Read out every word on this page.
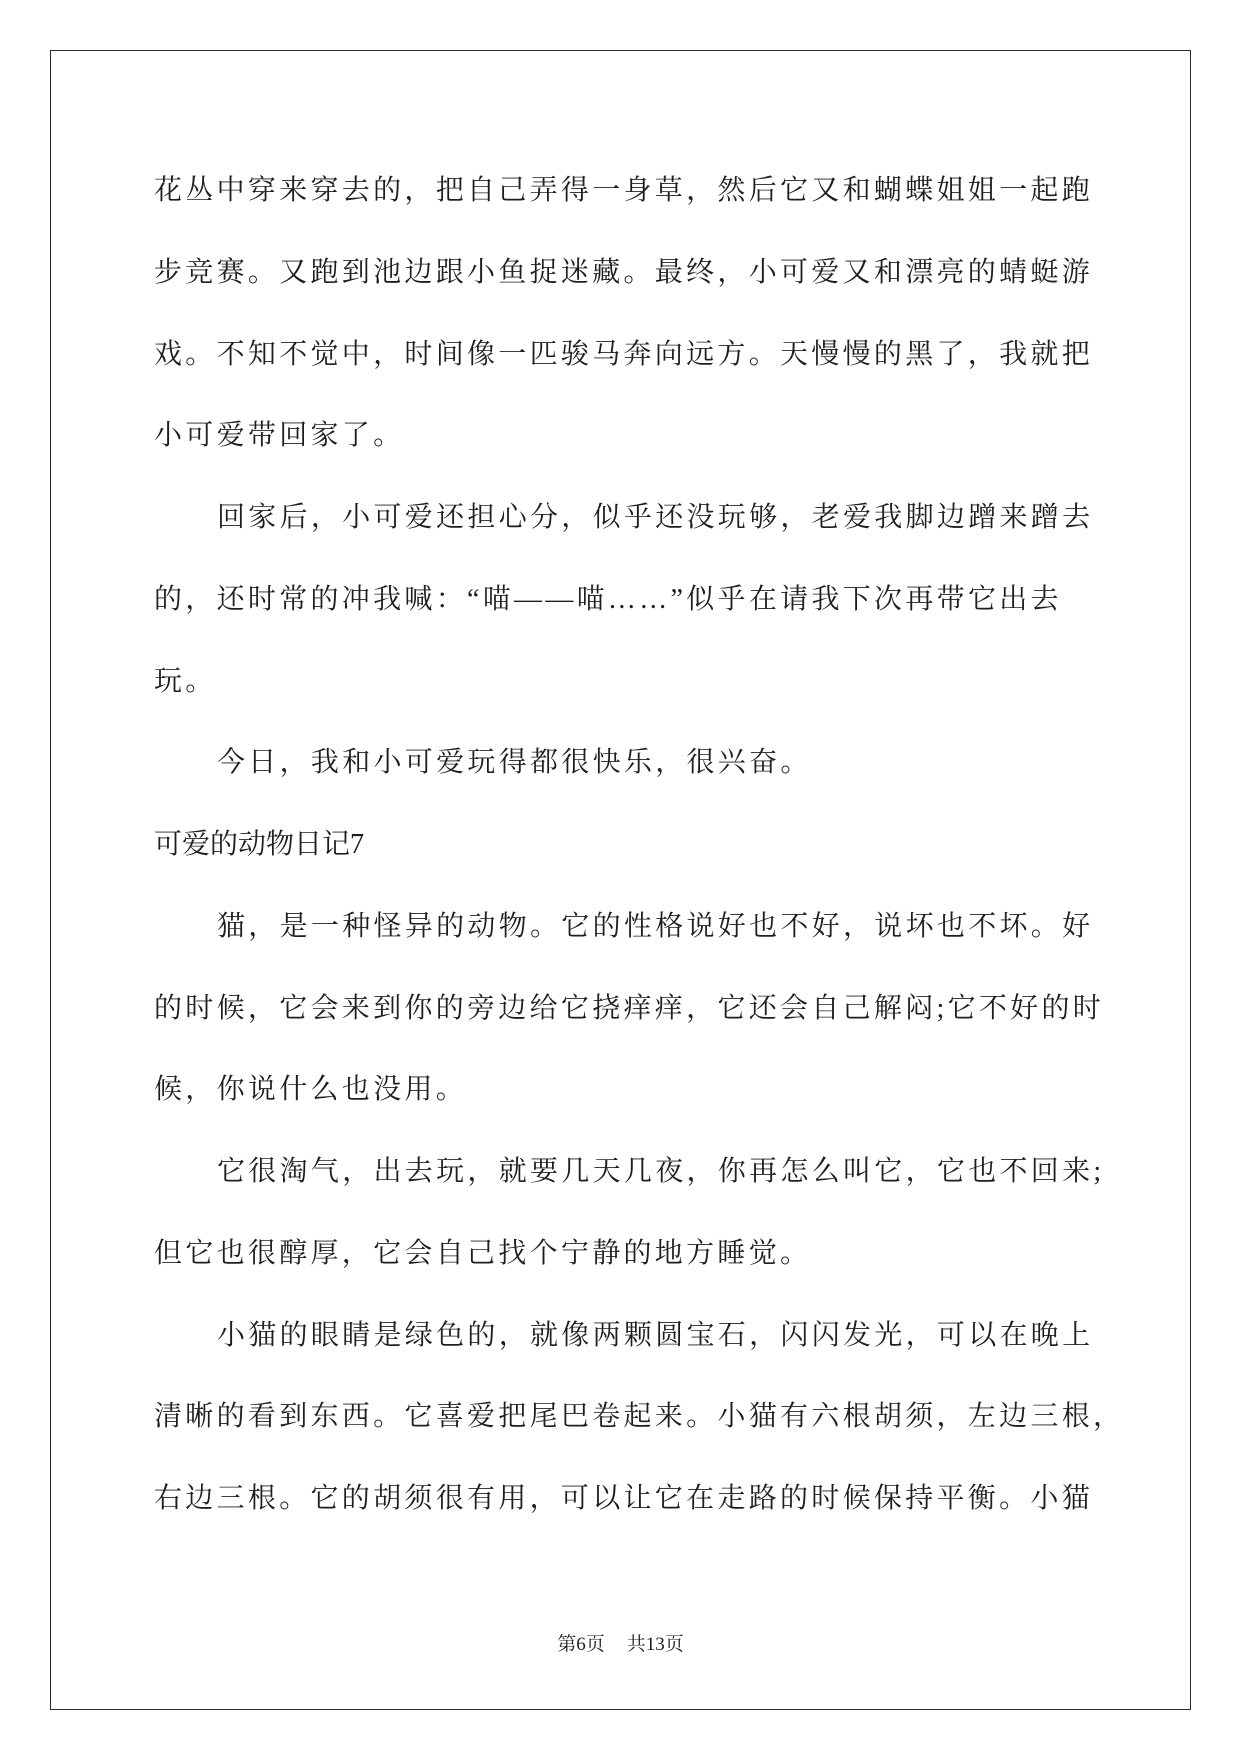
花丛中穿来穿去的，把自己弄得一身草，然后它又和蝴蝶姐姐一起跑
步竞赛。又跑到池边跟小鱼捉迷藏。最终，小可爱又和漂亮的蜻蜓游
戏。不知不觉中，时间像一匹骏马奔向远方。天慢慢的黑了，我就把
小可爱带回家了。
回家后，小可爱还担心分，似乎还没玩够，老爱我脚边蹭来蹭去
的，还时常的冲我喊：“喵——喵……”似乎在请我下次再带它出去
玩。
今日，我和小可爱玩得都很快乐，很兴奋。
可爱的动物日记7
猫，是一种怪异的动物。它的性格说好也不好，说坏也不坏。好
的时候，它会来到你的旁边给它挠痒痒，它还会自己解闷;它不好的时
候，你说什么也没用。
它很淘气，出去玩，就要几天几夜，你再怎么叫它，它也不回来;
但它也很醇厚，它会自己找个宁静的地方睡觉。
小猫的眼睛是绿色的，就像两颗圆宝石，闪闪发光，可以在晚上
清晰的看到东西。它喜爱把尾巴卷起来。小猫有六根胡须，左边三根，
右边三根。它的胡须很有用，可以让它在走路的时候保持平衡。小猫
第6页 共13页
